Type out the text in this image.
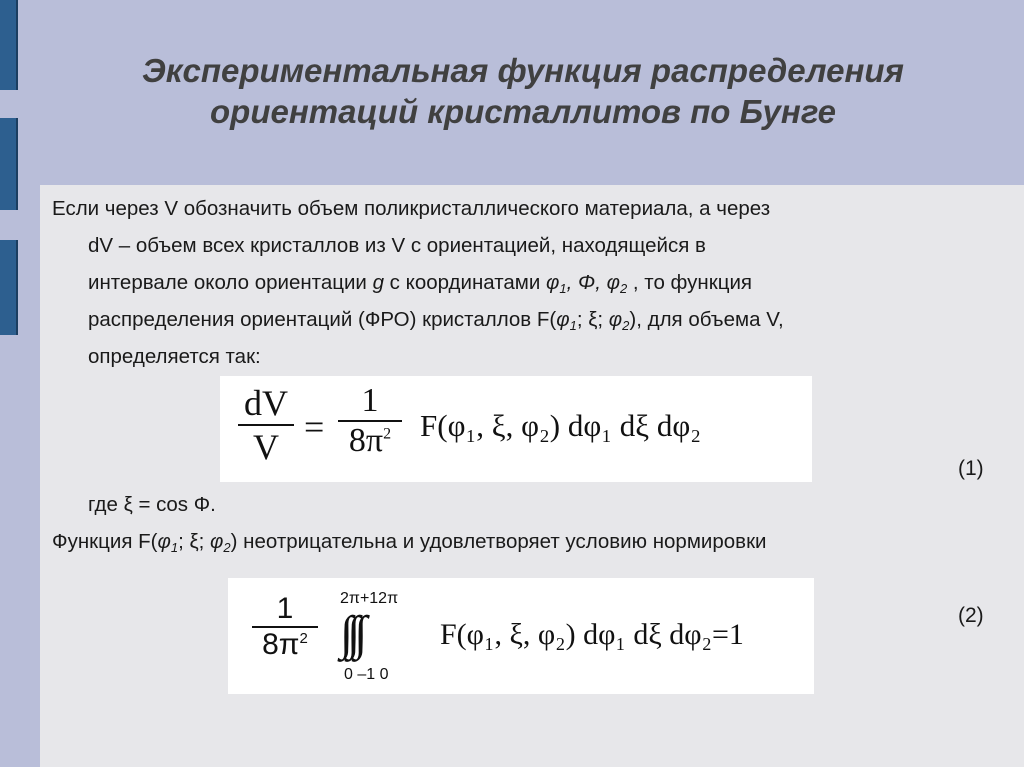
Экспериментальная функция распределения
ориентаций кристаллитов по Бунге
Если через V обозначить объем поликристаллического материала, а через
dV – объем всех кристаллов из V с ориентацией, находящейся в
интервале около ориентации g с координатами $\varphi_1$, Φ, $\varphi_2$ , то функция
распределения ориентаций (ФРО) кристаллов $F(\varphi_1$; ξ; $\varphi_2$), для объема V,
определяется так:
$\frac{dV}{V} = \frac{1}{8\pi^2} F(\varphi_1$, ξ, φ₂) dφ₁ dξ dφ₂
(1)
где ξ = cos Φ.
Функция $F(\varphi_1$; ξ; $\varphi_2$) неотрицательна и удовлетворяет условию нормировки
$\frac{1}{8\pi^2} 2\pi+12\pi$
∫∫∫
0 –1 0
F(φ₁, ξ, φ₂) dφ₁ dξ dφ₂=1
(2)
